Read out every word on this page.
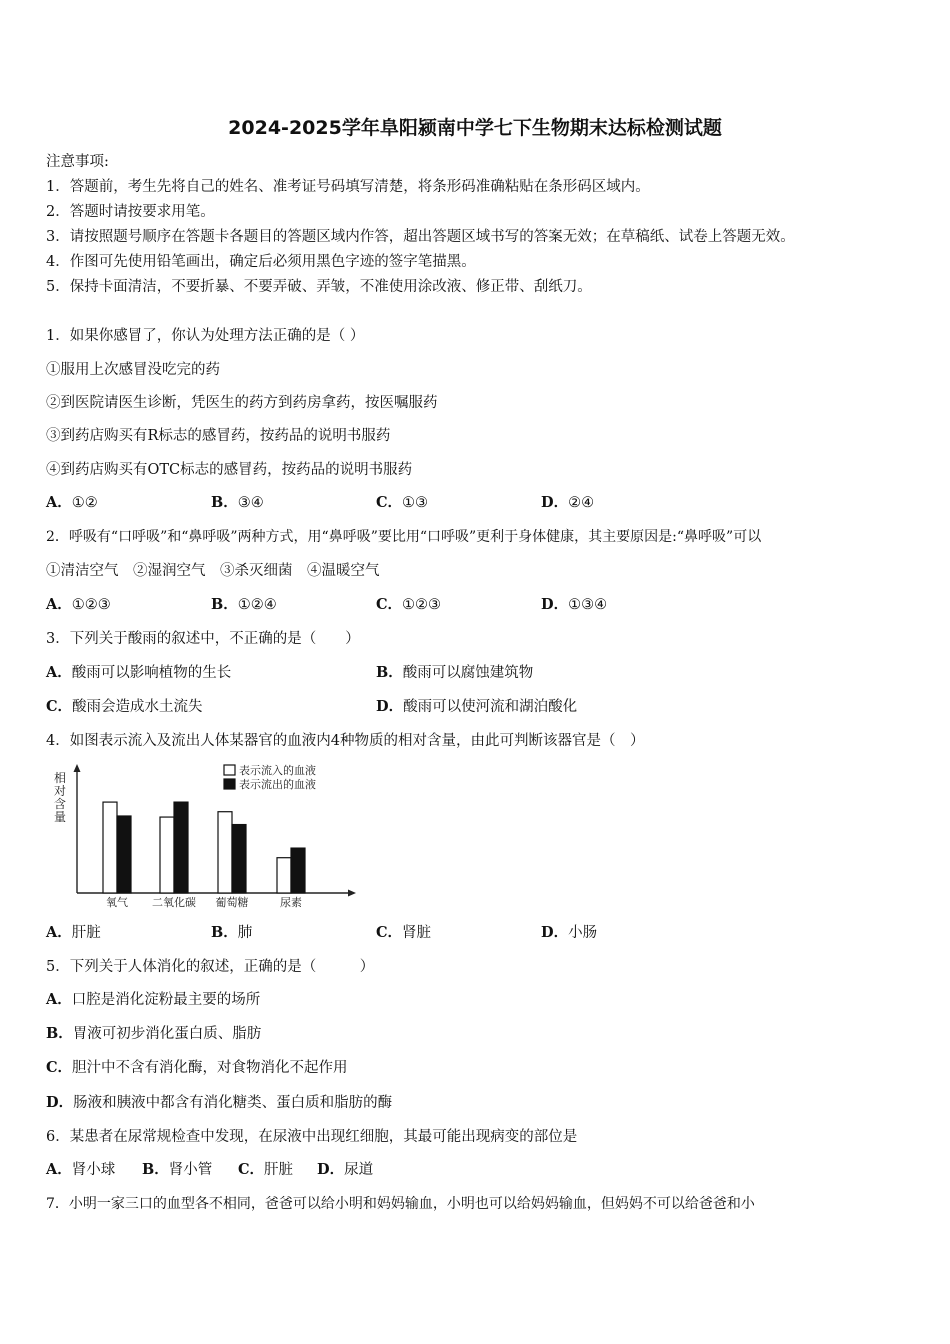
2024-2025学年阜阳颍南中学七下生物期末达标检测试题
注意事项:
1．答题前，考生先将自己的姓名、准考证号码填写清楚，将条形码准确粘贴在条形码区域内。
2．答题时请按要求用笔。
3．请按照题号顺序在答题卡各题目的答题区域内作答，超出答题区域书写的答案无效；在草稿纸、试卷上答题无效。
4．作图可先使用铅笔画出，确定后必须用黑色字迹的签字笔描黑。
5．保持卡面清洁，不要折暴、不要弄破、弄皱，不准使用涂改液、修正带、刮纸刀。
1．如果你感冒了，你认为处理方法正确的是（ ）
①服用上次感冒没吃完的药
②到医院请医生诊断，凭医生的药方到药房拿药，按医嘱服药
③到药店购买有R标志的感冒药，按药品的说明书服药
④到药店购买有OTC标志的感冒药，按药品的说明书服药
A．①②	B．③④	C．①③	D．②④
2．呼吸有“口呼吸”和“鼻呼吸”两种方式，用“鼻呼吸”要比用“口呼吸”更利于身体健康，其主要原因是:“鼻呼吸”可以
①清洁空气　②湿润空气　③杀灭细菌　④温暖空气
A．①②③	B．①②④	C．①②③	D．①③④
3．下列关于酸雨的叙述中，不正确的是（　　）
A．酸雨可以影响植物的生长	B．酸雨可以腐蚀建筑物
C．酸雨会造成水土流失	D．酸雨可以使河流和湖泊酸化
4．如图表示流入及流出人体某器官的血液内4种物质的相对含量，由此可判断该器官是（　）
相对含量
表示流入的血液
表示流出的血液
氧气 二氧化碳 葡萄糖	尿素
A．肝脏	B．肺	C．肾脏	D．小肠
5．下列关于人体消化的叙述，正确的是（　　　）
A．口腔是消化淀粉最主要的场所
B．胃液可初步消化蛋白质、脂肪
C．胆汁中不含有消化酶，对食物消化不起作用
D．肠液和胰液中都含有消化糖类、蛋白质和脂肪的酶
6．某患者在尿常规检查中发现，在尿液中出现红细胞，其最可能出现病变的部位是
A．肾小球 B．肾小管 C．肝脏 D．尿道
7．小明一家三口的血型各不相同，爸爸可以给小明和妈妈输血，小明也可以给妈妈输血，但妈妈不可以给爸爸和小
